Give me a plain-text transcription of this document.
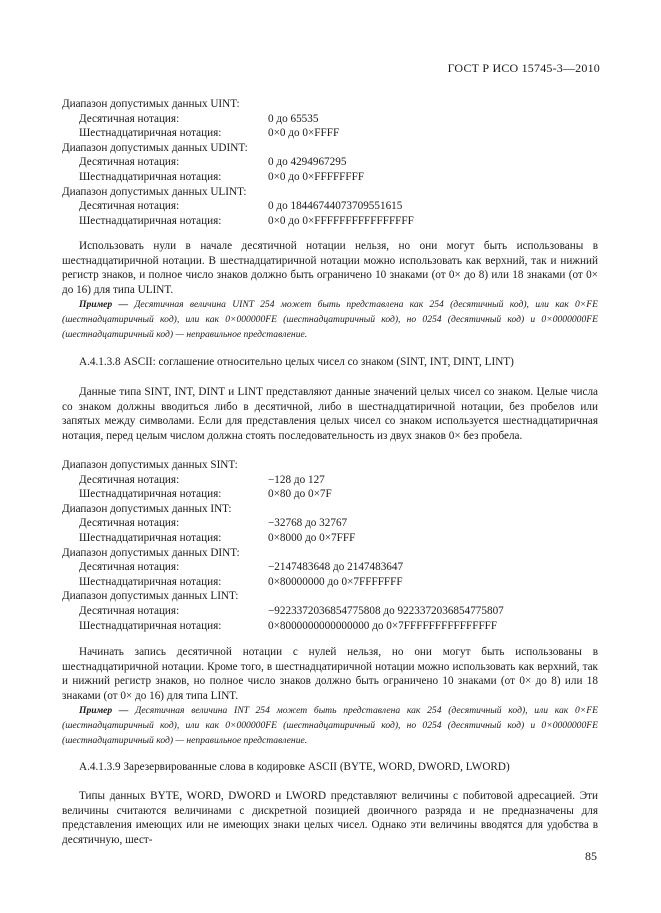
ГОСТ Р ИСО 15745-3—2010
Диапазон допустимых данных UINT:
Десятичная нотация:	0 до 65535
Шестнадцатиричная нотация:	0×0 до 0×FFFF
Диапазон допустимых данных UDINT:
Десятичная нотация:	0 до 4294967295
Шестнадцатиричная нотация:	0×0 до 0×FFFFFFFF
Диапазон допустимых данных ULINT:
Десятичная нотация:	0 до 18446744073709551615
Шестнадцатиричная нотация:	0×0 до 0×FFFFFFFFFFFFFFFF

Использовать нули в начале десятичной нотации нельзя, но они могут быть использованы в шестнадцатиричной нотации. В шестнадцатиричной нотации можно использовать как верхний, так и нижний регистр знаков, и полное число знаков должно быть ограничено 10 знаками (от 0× до 8) или 18 знаками (от 0× до 16) для типа ULINT.

Пример — Десятичная величина UINT 254 может быть представлена как 254 (десятичный код), или как 0×FE (шестнадцатиричный код), или как 0×000000FE (шестнадцатиричный код), но 0254 (десятичный код) и 0×0000000FE (шестнадцатиричный код) — неправильное представление.

А.4.1.3.8 ASCII: соглашение относительно целых чисел со знаком (SINT, INT, DINT, LINT)

Данные типа SINT, INT, DINT и LINT представляют данные значений целых чисел со знаком. Целые числа со знаком должны вводиться либо в десятичной, либо в шестнадцатиричной нотации, без пробелов или запятых между символами. Если для представления целых чисел со знаком используется шестнадцатиричная нотация, перед целым числом должна стоять последовательность из двух знаков 0× без пробела.

Диапазон допустимых данных SINT:
Десятичная нотация:	−128 до 127
Шестнадцатиричная нотация:	0×80 до 0×7F
Диапазон допустимых данных INT:
Десятичная нотация:	−32768 до 32767
Шестнадцатиричная нотация:	0×8000 до 0×7FFF
Диапазон допустимых данных DINT:
Десятичная нотация:	−2147483648 до 2147483647
Шестнадцатиричная нотация:	0×80000000 до 0×7FFFFFFF
Диапазон допустимых данных LINT:
Десятичная нотация:	−9223372036854775808 до 9223372036854775807
Шестнадцатиричная нотация:	0×8000000000000000 до 0×7FFFFFFFFFFFFFFF

Начинать запись десятичной нотации с нулей нельзя, но они могут быть использованы в шестнадцатиричной нотации. Кроме того, в шестнадцатиричной нотации можно использовать как верхний, так и нижний регистр знаков, но полное число знаков должно быть ограничено 10 знаками (от 0× до 8) или 18 знаками (от 0× до 16) для типа LINT.

Пример — Десятичная величина INT 254 может быть представлена как 254 (десятичный код), или как 0×FE (шестнадцатиричный код), или как 0×000000FE (шестнадцатиричный код), но 0254 (десятичный код) и 0×0000000FE (шестнадцатиричный код) — неправильное представление.

А.4.1.3.9 Зарезервированные слова в кодировке ASCII (BYTE, WORD, DWORD, LWORD)

Типы данных BYTE, WORD, DWORD и LWORD представляют величины с побитовой адресацией. Эти величины считаются величинами с дискретной позицией двоичного разряда и не предназначены для представления имеющих или не имеющих знаки целых чисел. Однако эти величины вводятся для удобства в десятичную, шест-

85
